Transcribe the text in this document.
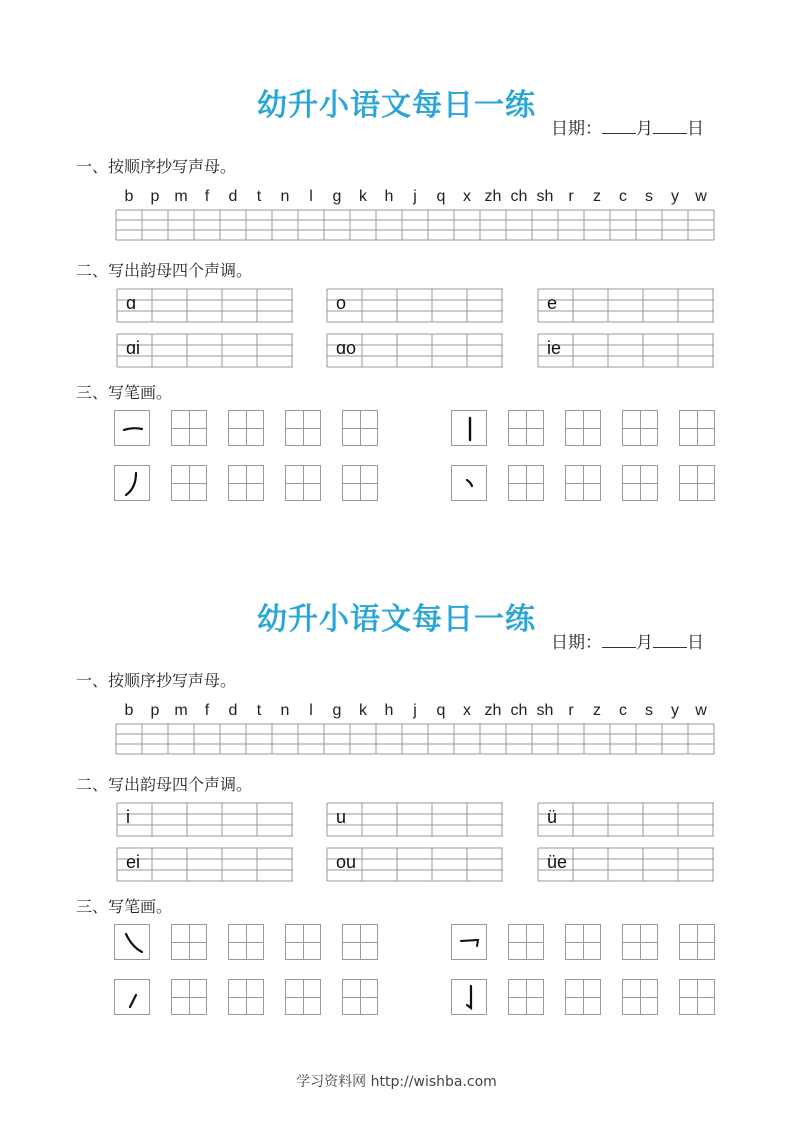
幼升小语文每日一练
日期： 月 日
一、按顺序抄写声母。
b	p m	f	d	t	n	l	g	k	h	j	q	x zh ch sh r	z	c	s	y	w
二、写出韵母四个声调。
ɑ	o	e
ɑi	ɑo	ie
三、写笔画。
幼升小语文每日一练
日期： 月 日
一、按顺序抄写声母。
b	p m	f	d	t	n	l	g	k	h	j	q	x zh ch sh r	z	c	s	y	w
二、写出韵母四个声调。
i	u	ü
ei	ou	üe
三、写笔画。
学习资料网 http://wishba.com
